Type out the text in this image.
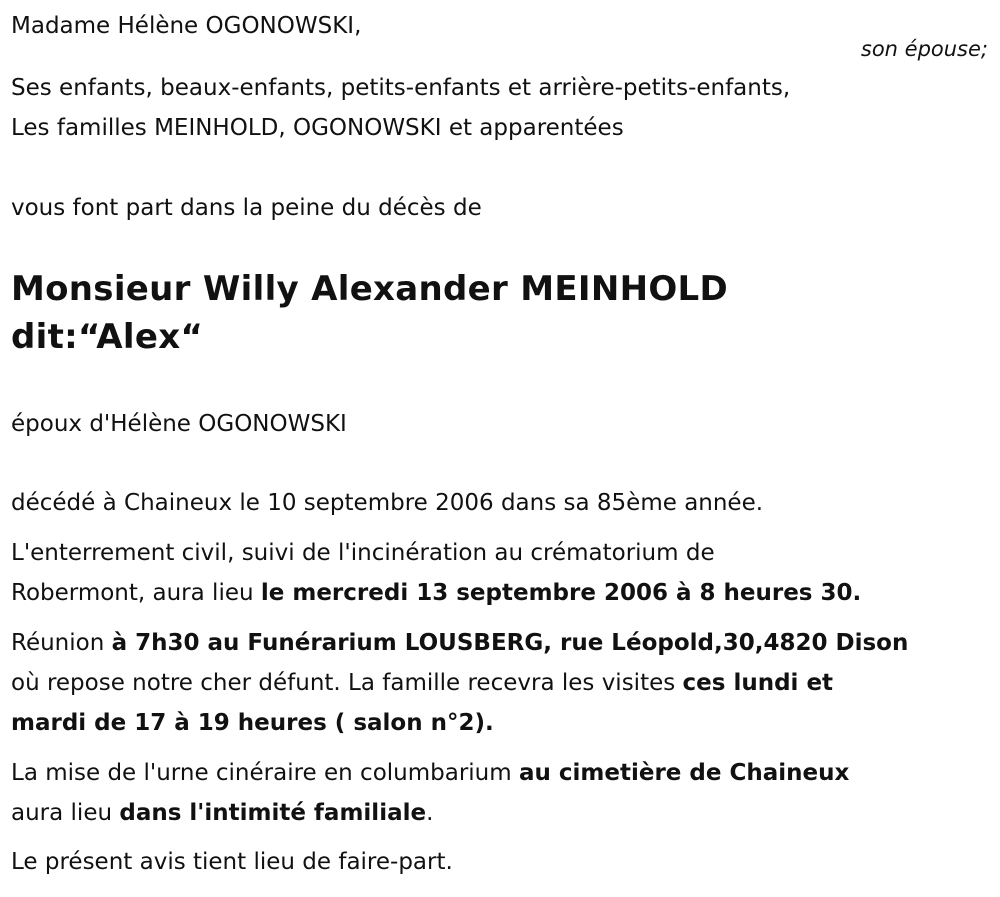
Madame Hélène OGONOWSKI,

son épouse;

Ses enfants, beaux-enfants, petits-enfants et arrière-petits-enfants,

Les familles MEINHOLD, OGONOWSKI et apparentées

vous font part dans la peine du décès de

Monsieur Willy Alexander MEINHOLD

dit:“Alex“

époux d'Hélène OGONOWSKI

décédé à Chaineux le 10 septembre 2006 dans sa 85ème année.

L'enterrement civil, suivi de l'incinération au crématorium de

Robermont, aura lieu le mercredi 13 septembre 2006 à 8 heures 30.

Réunion à 7h30 au Funérarium LOUSBERG, rue Léopold,30,4820 Dison

où repose notre cher défunt. La famille recevra les visites ces lundi et

mardi de 17 à 19 heures ( salon n°2).

La mise de l'urne cinéraire en columbarium au cimetière de Chaineux

aura lieu dans l'intimité familiale.

Le présent avis tient lieu de faire-part.
